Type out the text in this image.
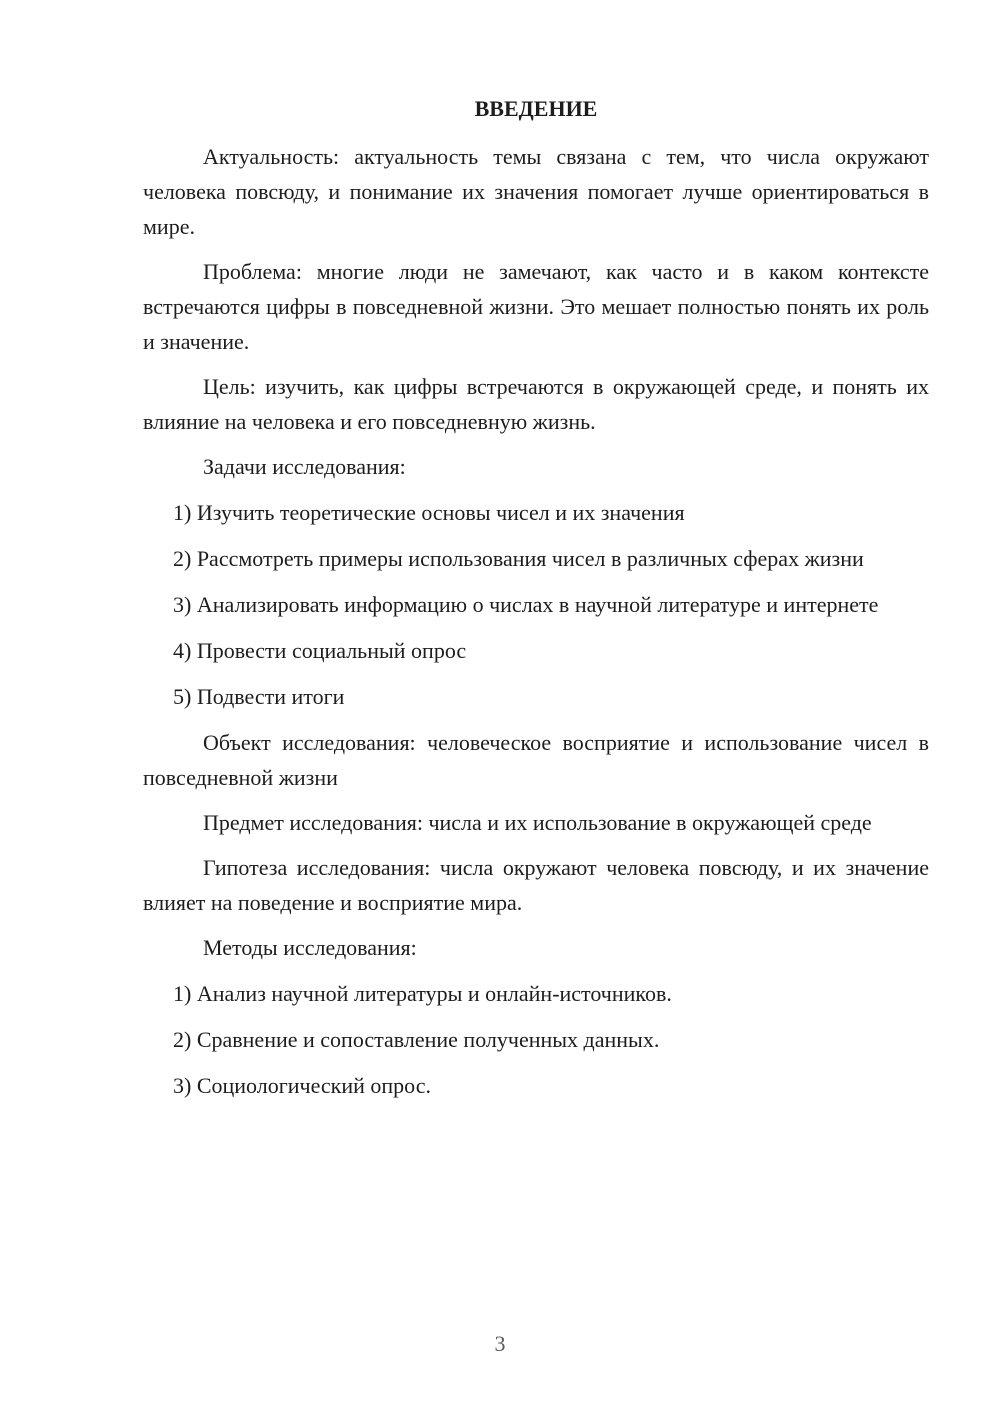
ВВЕДЕНИЕ

Актуальность: актуальность темы связана с тем, что числа окружают человека повсюду, и понимание их значения помогает лучше ориентироваться в мире.

Проблема: многие люди не замечают, как часто и в каком контексте встречаются цифры в повседневной жизни. Это мешает полностью понять их роль и значение.

Цель: изучить, как цифры встречаются в окружающей среде, и понять их влияние на человека и его повседневную жизнь.

Задачи исследования:

1) Изучить теоретические основы чисел и их значения

2) Рассмотреть примеры использования чисел в различных сферах жизни

3) Анализировать информацию о числах в научной литературе и интернете

4) Провести социальный опрос

5) Подвести итоги

Объект исследования: человеческое восприятие и использование чисел в повседневной жизни

Предмет исследования: числа и их использование в окружающей среде

Гипотеза исследования: числа окружают человека повсюду, и их значение влияет на поведение и восприятие мира.

Методы исследования:

1) Анализ научной литературы и онлайн-источников.

2) Сравнение и сопоставление полученных данных.

3) Социологический опрос.

3
